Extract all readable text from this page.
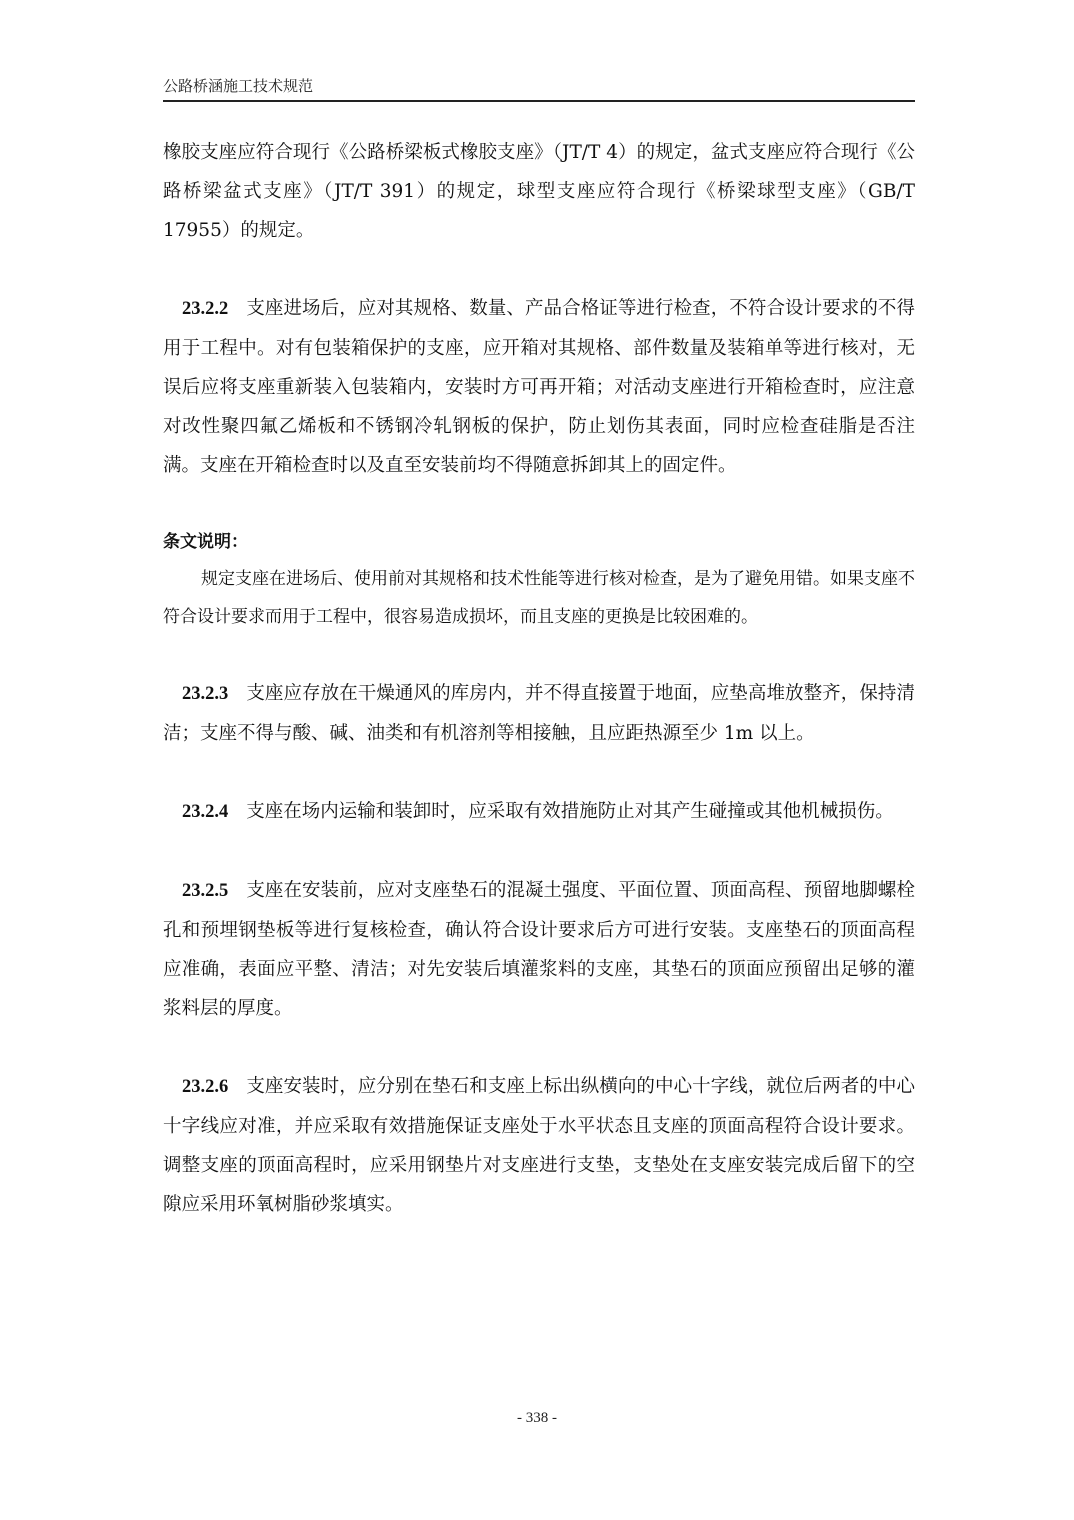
公路桥涵施工技术规范

橡胶支座应符合现行《公路桥梁板式橡胶支座》（JT/T 4）的规定，盆式支座应符合现行《公路桥梁盆式支座》（JT/T 391）的规定，球型支座应符合现行《桥梁球型支座》（GB/T 17955）的规定。

23.2.2 支座进场后，应对其规格、数量、产品合格证等进行检查，不符合设计要求的不得用于工程中。对有包装箱保护的支座，应开箱对其规格、部件数量及装箱单等进行核对，无误后应将支座重新装入包装箱内，安装时方可再开箱；对活动支座进行开箱检查时，应注意对改性聚四氟乙烯板和不锈钢冷轧钢板的保护，防止划伤其表面，同时应检查硅脂是否注满。支座在开箱检查时以及直至安装前均不得随意拆卸其上的固定件。

条文说明：

规定支座在进场后、使用前对其规格和技术性能等进行核对检查，是为了避免用错。如果支座不符合设计要求而用于工程中，很容易造成损坏，而且支座的更换是比较困难的。

23.2.3 支座应存放在干燥通风的库房内，并不得直接置于地面，应垫高堆放整齐，保持清洁；支座不得与酸、碱、油类和有机溶剂等相接触，且应距热源至少 1m 以上。

23.2.4 支座在场内运输和装卸时，应采取有效措施防止对其产生碰撞或其他机械损伤。

23.2.5 支座在安装前，应对支座垫石的混凝土强度、平面位置、顶面高程、预留地脚螺栓孔和预埋钢垫板等进行复核检查，确认符合设计要求后方可进行安装。支座垫石的顶面高程应准确，表面应平整、清洁；对先安装后填灌浆料的支座，其垫石的顶面应预留出足够的灌浆料层的厚度。

23.2.6 支座安装时，应分别在垫石和支座上标出纵横向的中心十字线，就位后两者的中心十字线应对准，并应采取有效措施保证支座处于水平状态且支座的顶面高程符合设计要求。调整支座的顶面高程时，应采用钢垫片对支座进行支垫，支垫处在支座安装完成后留下的空隙应采用环氧树脂砂浆填实。

- 338 -
